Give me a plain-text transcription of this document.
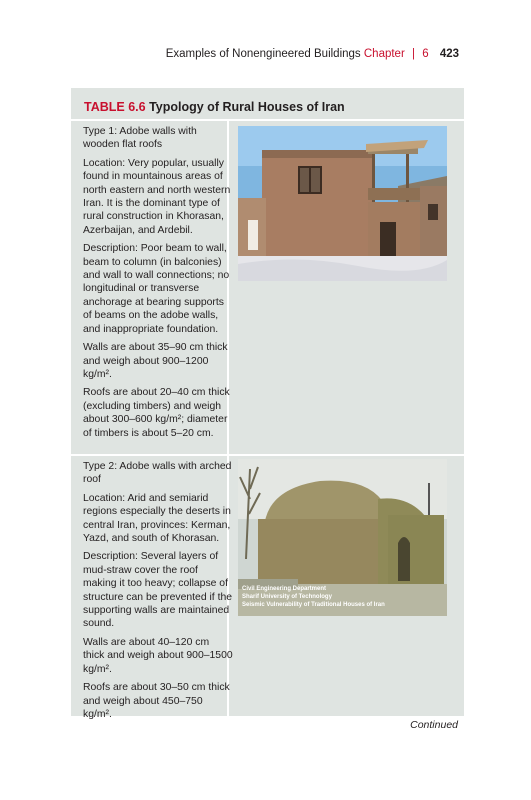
Examples of Nonengineered Buildings Chapter | 6 423
TABLE 6.6 Typology of Rural Houses of Iran

Type 1: Adobe walls with wooden flat roofs

Location: Very popular, usually found in mountainous areas of north eastern and north western Iran. It is the dominant type of rural construction in Khorasan, Azerbaijan, and Ardebil.

Description: Poor beam to wall, beam to column (in balconies) and wall to wall connections; no longitudinal or transverse anchorage at bearing supports of beams on the adobe walls, and inappropriate foundation.

Walls are about 35–90 cm thick and weigh about 900–1200 kg/m².

Roofs are about 20–40 cm thick (excluding timbers) and weigh about 300–600 kg/m²; diameter of timbers is about 5–20 cm.

Type 2: Adobe walls with arched roof

Location: Arid and semiarid regions especially the deserts in central Iran, provinces: Kerman, Yazd, and south of Khorasan.

Description: Several layers of mud-straw cover the roof making it too heavy; collapse of structure can be prevented if the supporting walls are maintained sound.

Walls are about 40–120 cm thick and weigh about 900–1500 kg/m².

Roofs are about 30–50 cm thick and weigh about 450–750 kg/m².

Civil Engineering Department
Sharif University of Technology
Seismic Vulnerability of Traditional Houses of Iran
Continued
